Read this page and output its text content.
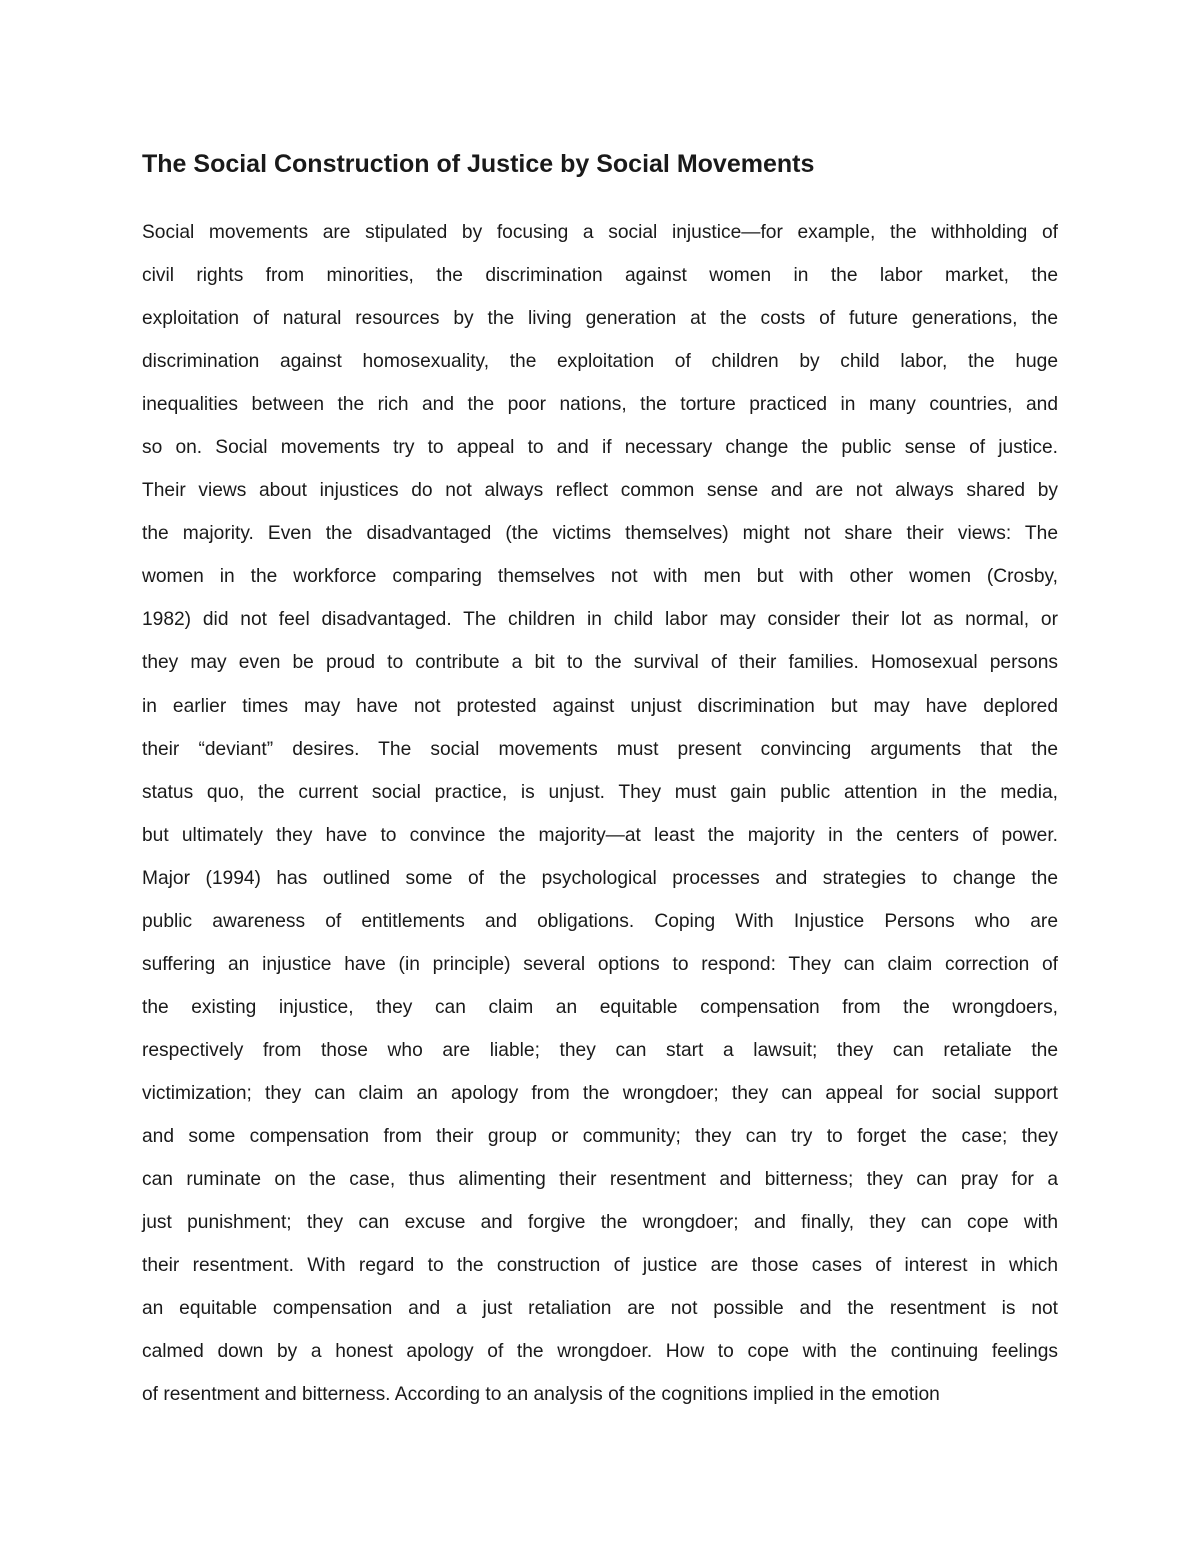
The Social Construction of Justice by Social Movements
Social movements are stipulated by focusing a social injustice—for example, the withholding of
civil rights from minorities, the discrimination against women in the labor market, the
exploitation of natural resources by the living generation at the costs of future generations, the
discrimination against homosexuality, the exploitation of children by child labor, the huge
inequalities between the rich and the poor nations, the torture practiced in many countries, and
so on. Social movements try to appeal to and if necessary change the public sense of justice.
Their views about injustices do not always reflect common sense and are not always shared by
the majority. Even the disadvantaged (the victims themselves) might not share their views: The
women in the workforce comparing themselves not with men but with other women (Crosby,
1982) did not feel disadvantaged. The children in child labor may consider their lot as normal, or
they may even be proud to contribute a bit to the survival of their families. Homosexual persons
in earlier times may have not protested against unjust discrimination but may have deplored
their “deviant” desires. The social movements must present convincing arguments that the
status quo, the current social practice, is unjust. They must gain public attention in the media,
but ultimately they have to convince the majority—at least the majority in the centers of power.
Major (1994) has outlined some of the psychological processes and strategies to change the
public awareness of entitlements and obligations. Coping With Injustice Persons who are
suffering an injustice have (in principle) several options to respond: They can claim correction of
the existing injustice, they can claim an equitable compensation from the wrongdoers,
respectively from those who are liable; they can start a lawsuit; they can retaliate the
victimization; they can claim an apology from the wrongdoer; they can appeal for social support
and some compensation from their group or community; they can try to forget the case; they
can ruminate on the case, thus alimenting their resentment and bitterness; they can pray for a
just punishment; they can excuse and forgive the wrongdoer; and finally, they can cope with
their resentment. With regard to the construction of justice are those cases of interest in which
an equitable compensation and a just retaliation are not possible and the resentment is not
calmed down by a honest apology of the wrongdoer. How to cope with the continuing feelings
of resentment and bitterness. According to an analysis of the cognitions implied in the emotion
